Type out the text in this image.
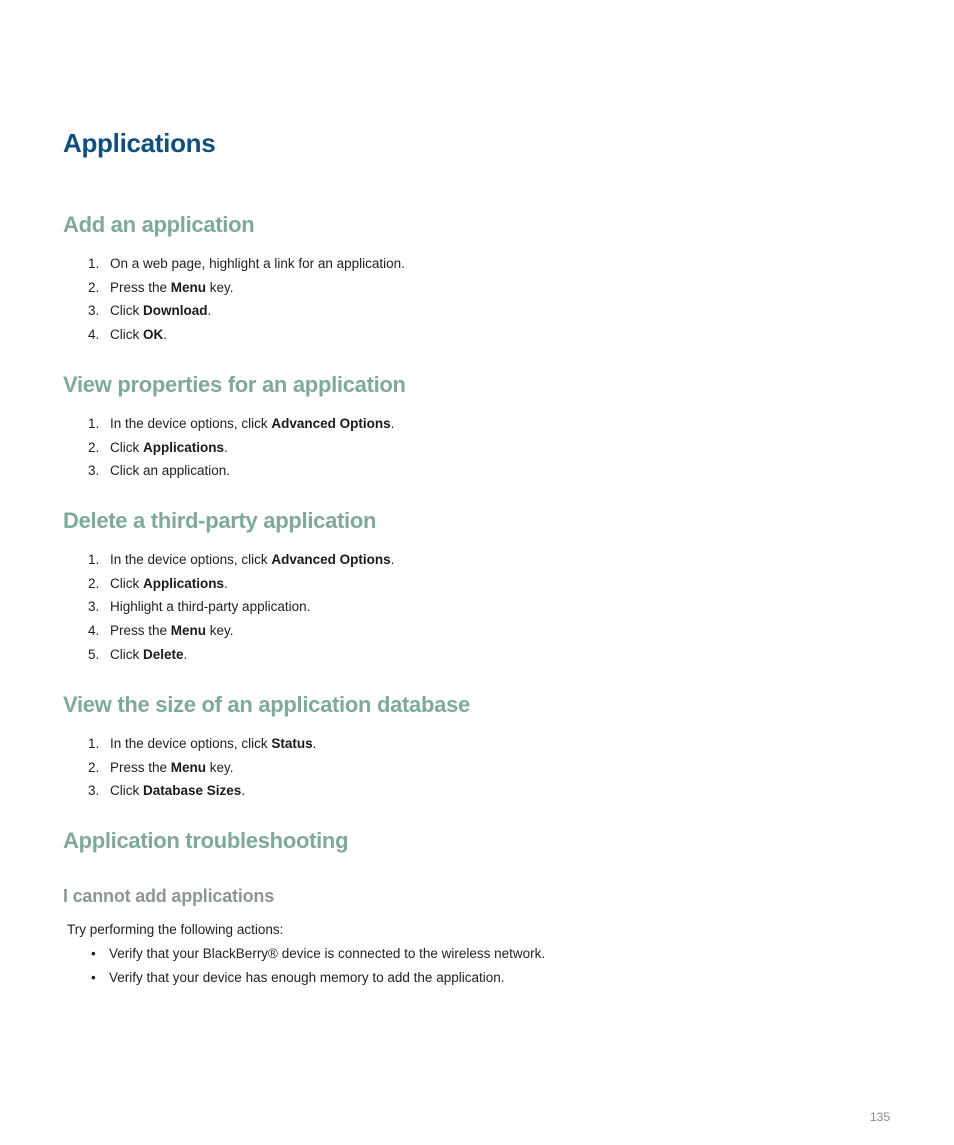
Applications
Add an application
1. On a web page, highlight a link for an application.
2. Press the Menu key.
3. Click Download.
4. Click OK.
View properties for an application
1. In the device options, click Advanced Options.
2. Click Applications.
3. Click an application.
Delete a third-party application
1. In the device options, click Advanced Options.
2. Click Applications.
3. Highlight a third-party application.
4. Press the Menu key.
5. Click Delete.
View the size of an application database
1. In the device options, click Status.
2. Press the Menu key.
3. Click Database Sizes.
Application troubleshooting
I cannot add applications

Try performing the following actions:

• Verify that your BlackBerry® device is connected to the wireless network.
• Verify that your device has enough memory to add the application.
135
